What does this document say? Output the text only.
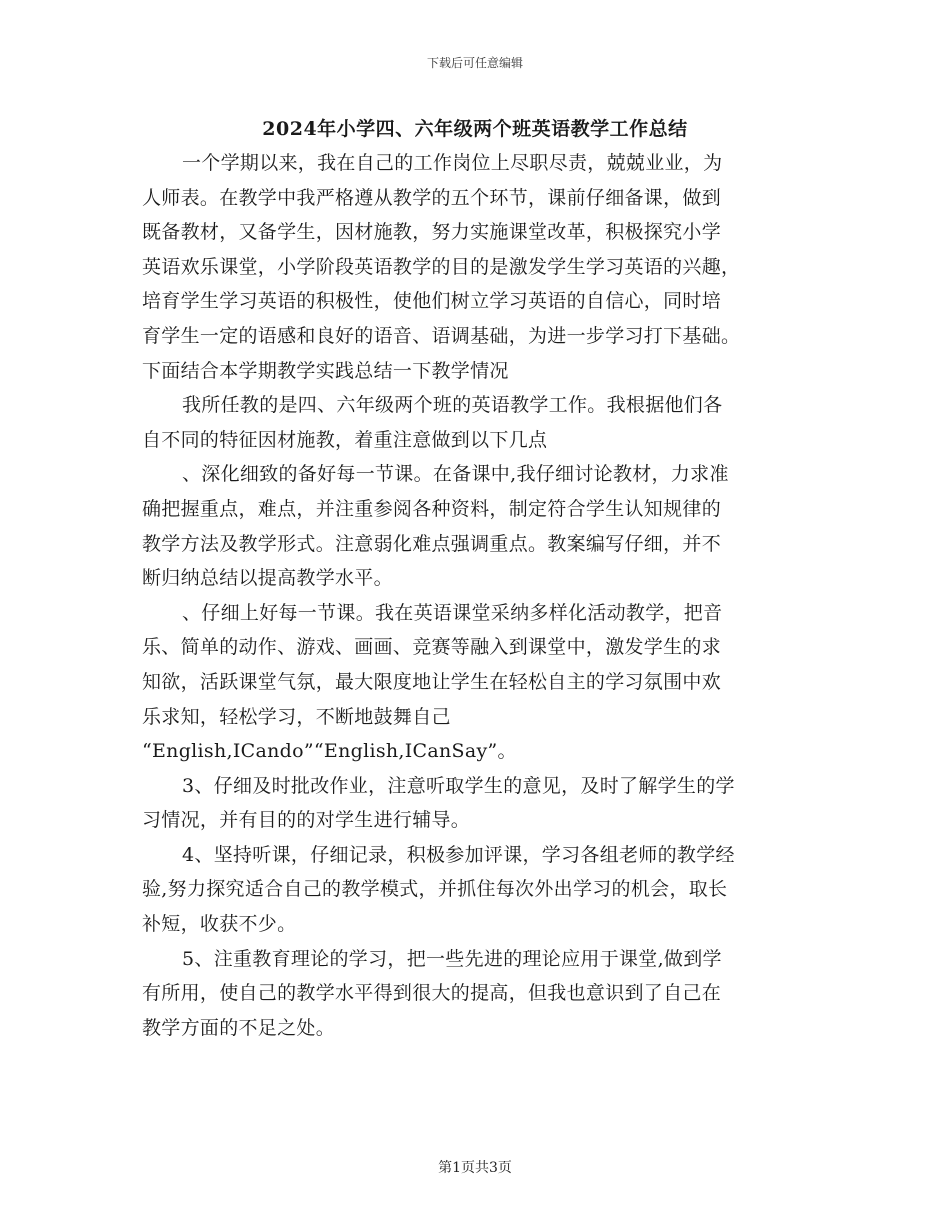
下载后可任意编辑
2024年小学四、六年级两个班英语教学工作总结
一个学期以来，我在自己的工作岗位上尽职尽责，兢兢业业，为
人师表。在教学中我严格遵从教学的五个环节，课前仔细备课，做到
既备教材，又备学生，因材施教，努力实施课堂改革，积极探究小学
英语欢乐课堂，小学阶段英语教学的目的是激发学生学习英语的兴趣，
培育学生学习英语的积极性，使他们树立学习英语的自信心，同时培
育学生一定的语感和良好的语音、语调基础，为进一步学习打下基础。
下面结合本学期教学实践总结一下教学情况
我所任教的是四、六年级两个班的英语教学工作。我根据他们各
自不同的特征因材施教，着重注意做到以下几点
、深化细致的备好每一节课。在备课中,我仔细讨论教材，力求准
确把握重点，难点，并注重参阅各种资料，制定符合学生认知规律的
教学方法及教学形式。注意弱化难点强调重点。教案编写仔细，并不
断归纳总结以提高教学水平。
、仔细上好每一节课。我在英语课堂采纳多样化活动教学，把音
乐、简单的动作、游戏、画画、竞赛等融入到课堂中，激发学生的求
知欲，活跃课堂气氛，最大限度地让学生在轻松自主的学习氛围中欢
乐求知，轻松学习，不断地鼓舞自己
“English,ICando”“English,ICanSay”。
3、仔细及时批改作业，注意听取学生的意见，及时了解学生的学
习情况，并有目的的对学生进行辅导。
4、坚持听课，仔细记录，积极参加评课，学习各组老师的教学经
验,努力探究适合自己的教学模式，并抓住每次外出学习的机会，取长
补短，收获不少。
5、注重教育理论的学习，把一些先进的理论应用于课堂,做到学
有所用，使自己的教学水平得到很大的提高，但我也意识到了自己在
教学方面的不足之处。
第1页共3页
